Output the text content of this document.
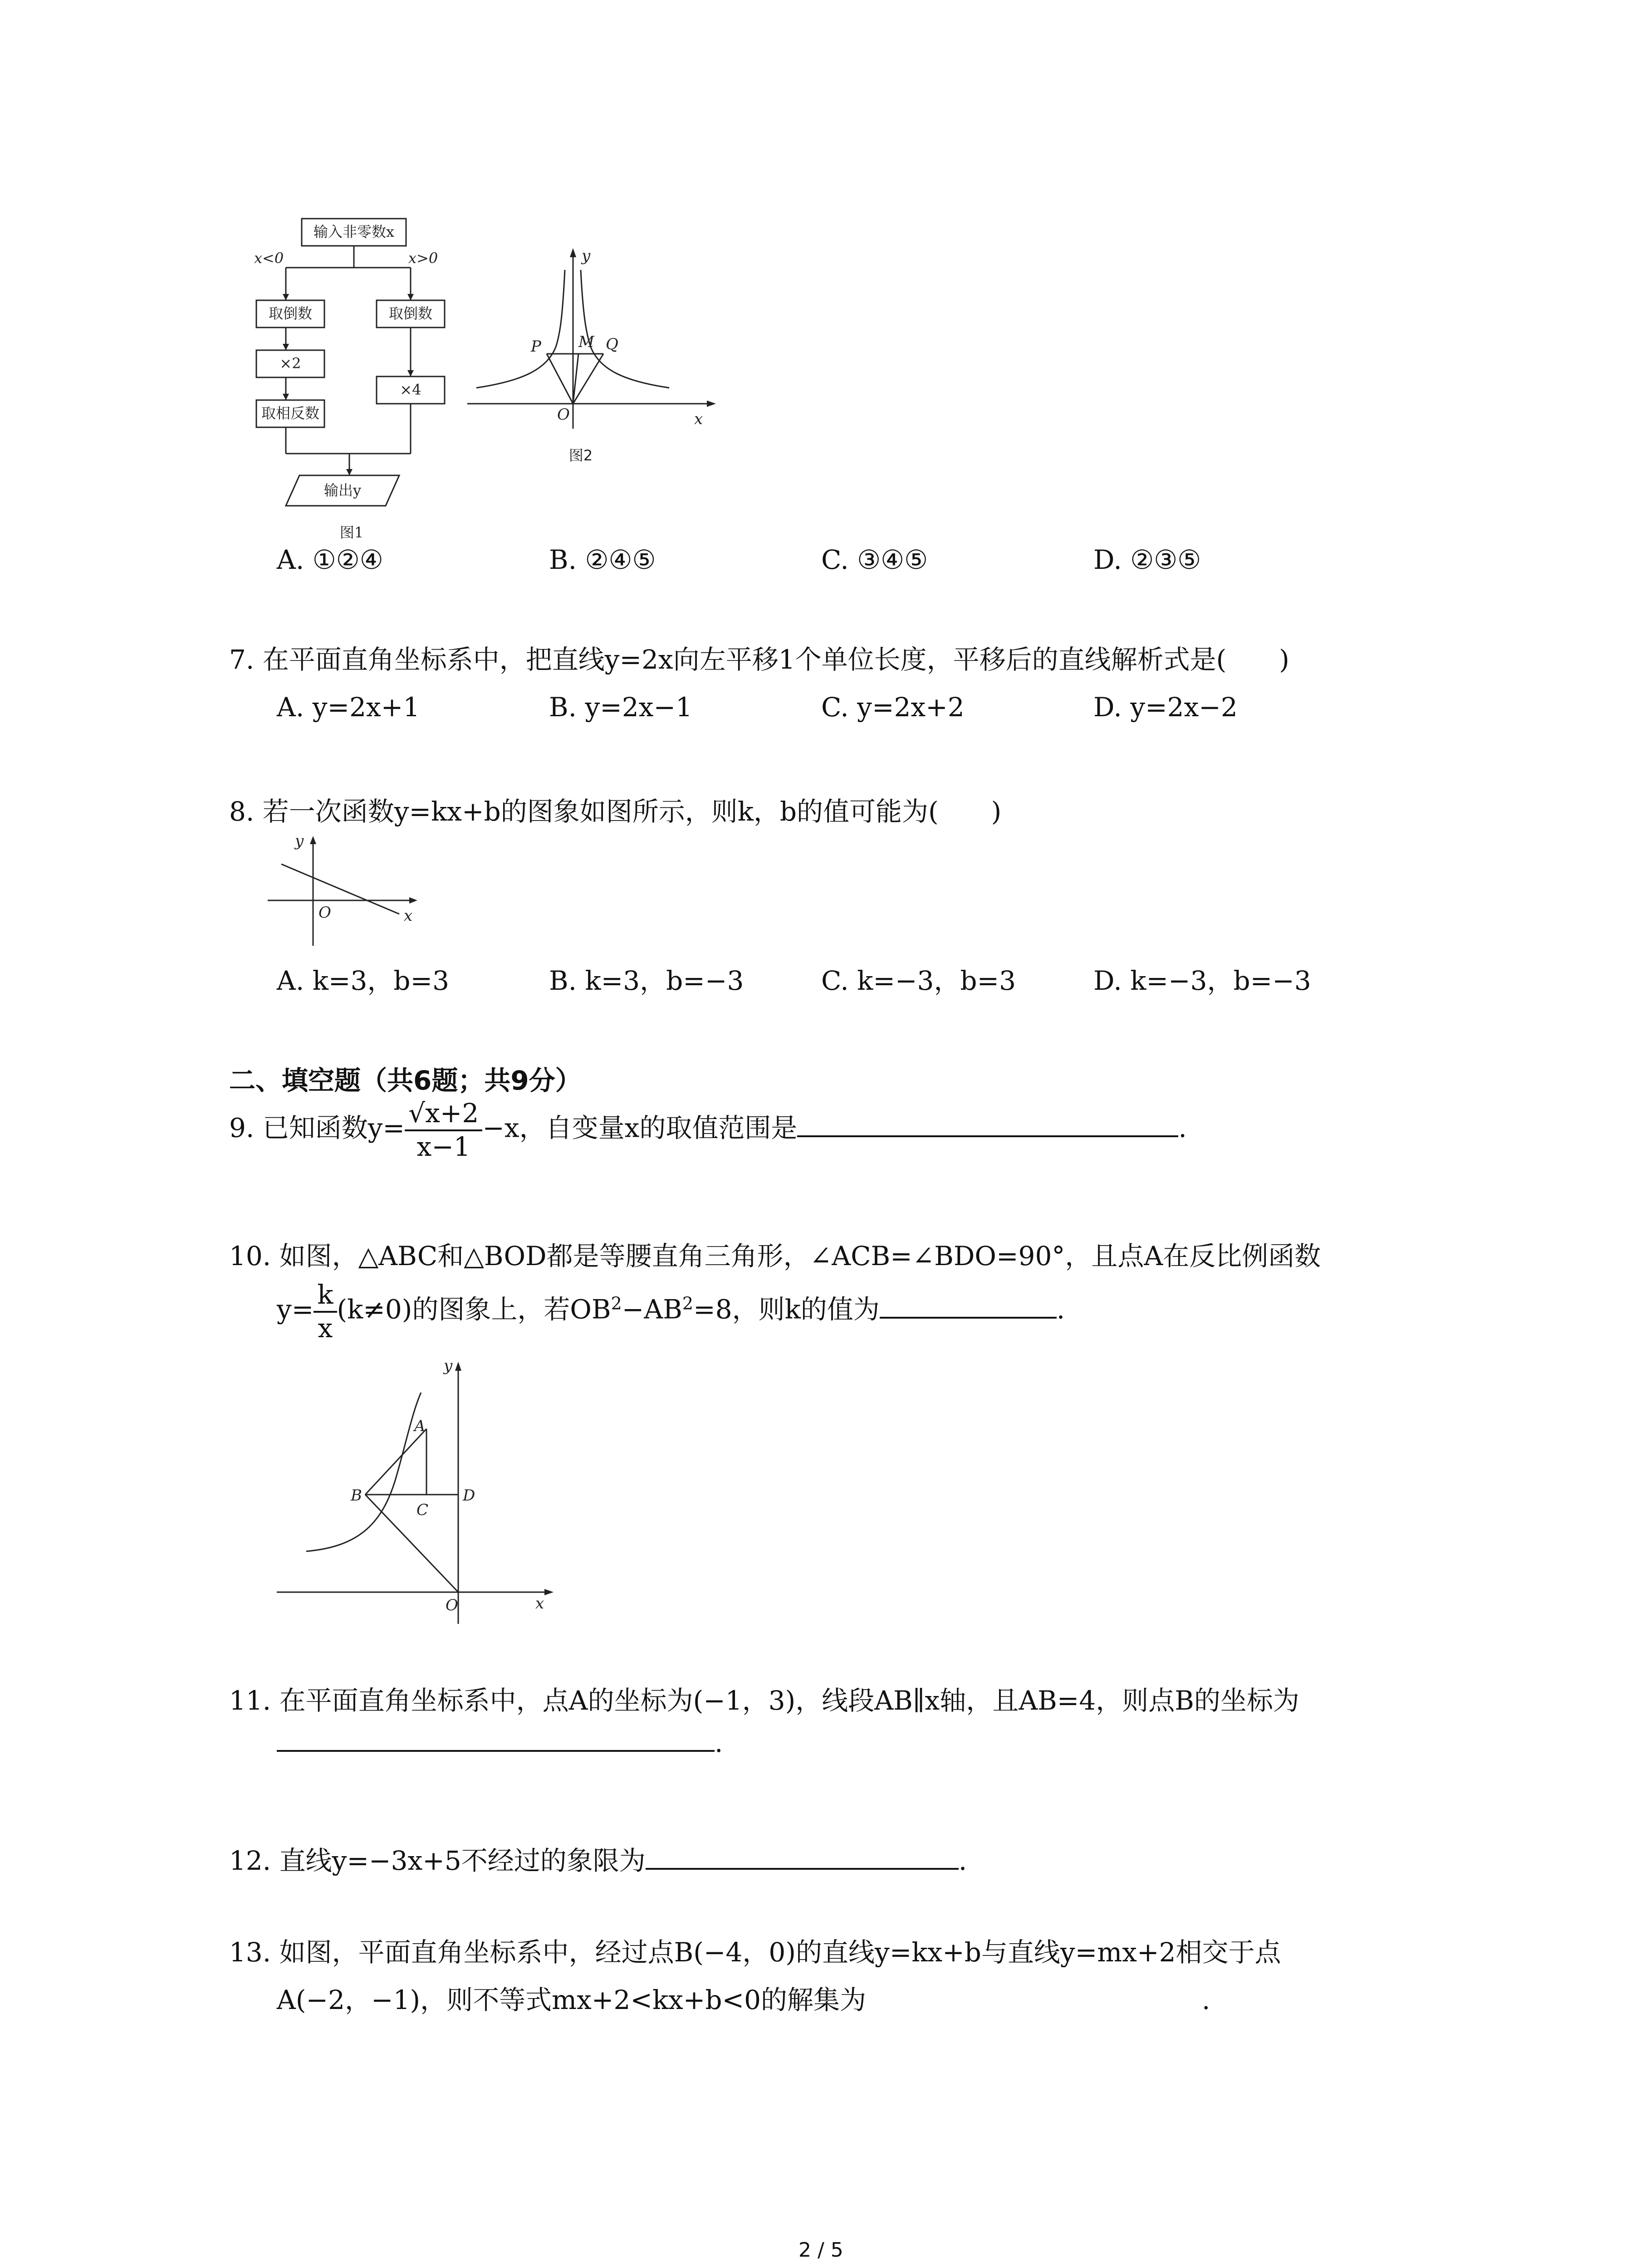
输入非零数x
x<0	x>0
取倒数	取倒数
×2
取相反数
×4
输出y
图1
y
x
P M Q
O
图2
A. ①②④	B. ②④⑤	C. ③④⑤	D. ②③⑤
7. 在平面直角坐标系中，把直线y=2x向左平移1个单位长度，平移后的直线解析式是(　　)
A. y=2x+1	B. y=2x−1	C. y=2x+2	D. y=2x−2
8. 若一次函数y=kx+b的图象如图所示，则k，b的值可能为(　　)
y
x
O
A. k=3，b=3	B. k=3，b=−3	C. k=−3，b=3	D. k=−3，b=−3
二、填空题（共6题；共9分）
9. 已知函数$y= \frac{√x+2}{x-1} -x$，自变量x的取值范围是	.
10. 如图，△ABC和△BOD都是等腰直角三角形，∠ACB=∠BDO=90°，且点A在反比例函数
$y= \frac{k}{x} (k\ne 0)$的图象上，若$OB^2-AB^2=8$，则k的值为	.
y
x
A
B
C
D
O
11. 在平面直角坐标系中，点A的坐标为(−1，3)，线段AB∥x轴，且AB=4，则点B的坐标为
.
12. 直线y=−3x+5不经过的象限为	.
13. 如图，平面直角坐标系中，经过点B(−4，0)的直线y=kx+b与直线y=mx+2相交于点
A(−2，−1)，则不等式mx+2<kx+b<0的解集为	.
2 / 5
